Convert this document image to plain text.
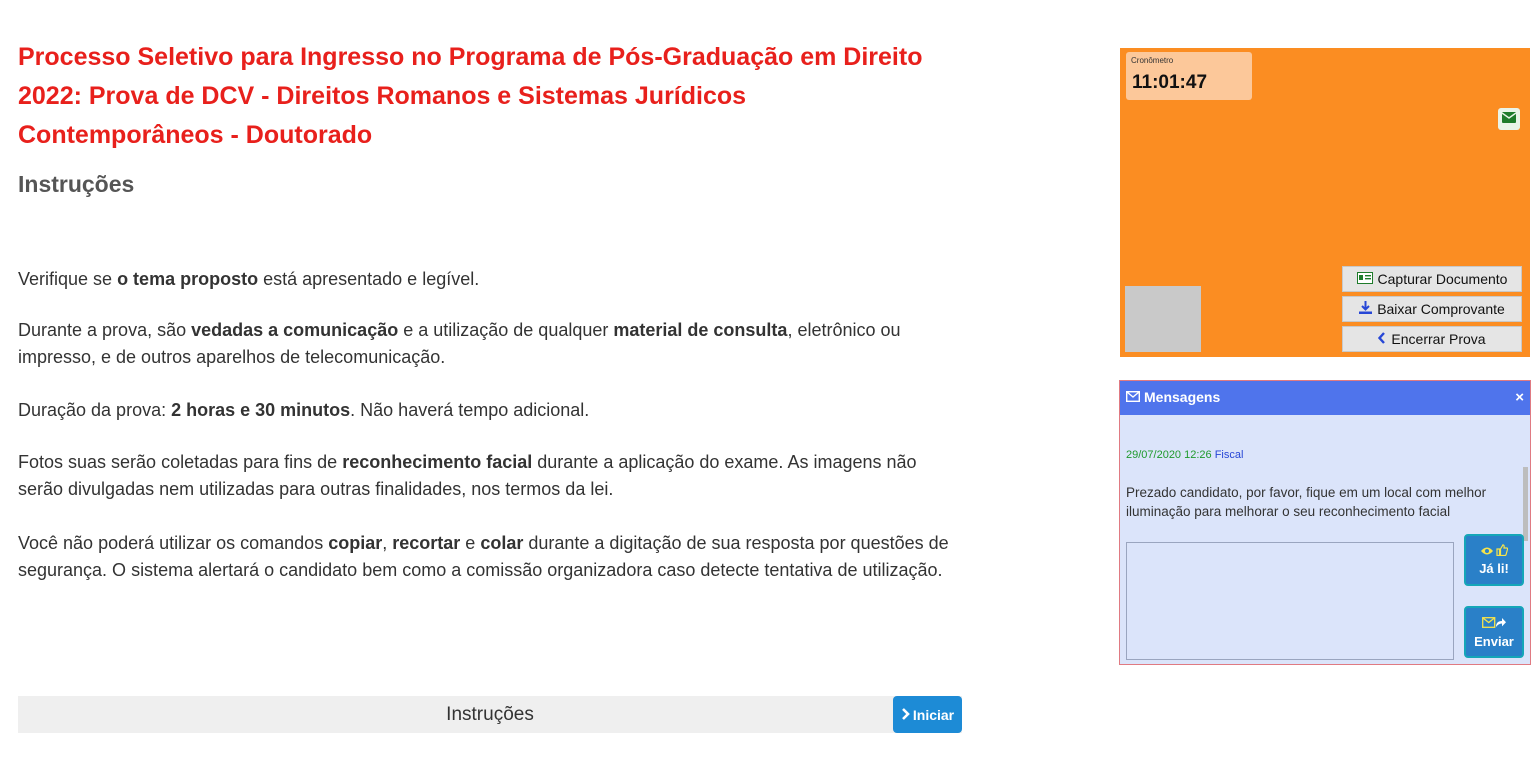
Processo Seletivo para Ingresso no Programa de Pós-Graduação em Direito 2022: Prova de DCV - Direitos Romanos e Sistemas Jurídicos Contemporâneos - Doutorado
Instruções

Verifique se o tema proposto está apresentado e legível.

Durante a prova, são vedadas a comunicação e a utilização de qualquer material de consulta, eletrônico ou impresso, e de outros aparelhos de telecomunicação.

Duração da prova: 2 horas e 30 minutos. Não haverá tempo adicional.

Fotos suas serão coletadas para fins de reconhecimento facial durante a aplicação do exame. As imagens não serão divulgadas nem utilizadas para outras finalidades, nos termos da lei.

Você não poderá utilizar os comandos copiar, recortar e colar durante a digitação de sua resposta por questões de segurança. O sistema alertará o candidato bem como a comissão organizadora caso detecte tentativa de utilização.

Instruções	Iniciar
Cronômetro
11:01:47
Capturar Documento
Baixar Comprovante
Encerrar Prova
Mensagens	×
29/07/2020 12:26 Fiscal
Prezado candidato, por favor, fique em um local com melhor iluminação para melhorar o seu reconhecimento facial
Já li!
Enviar
